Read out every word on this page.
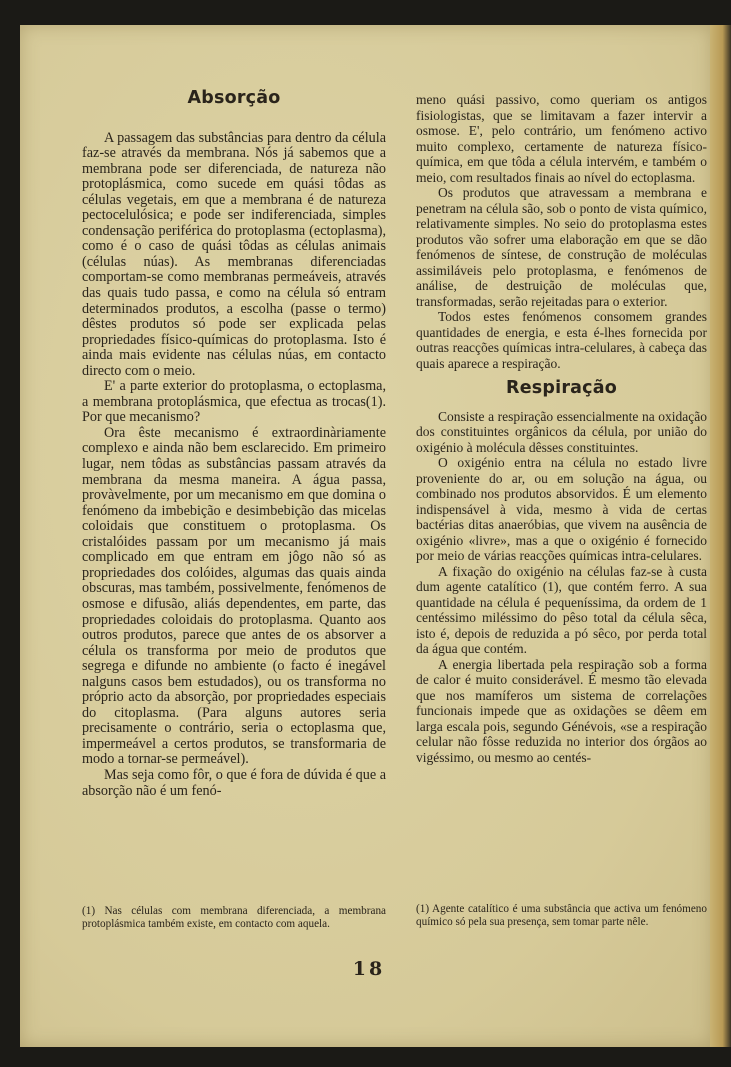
Absorção

A passagem das substâncias para dentro da célula faz-se através da membrana. Nós já sabemos que a membrana pode ser diferenciada, de natureza não protoplásmica, como sucede em quási tôdas as células vegetais, em que a membrana é de natureza pectocelulósica; e pode ser indiferenciada, simples condensação periférica do protoplasma (ectoplasma), como é o caso de quási tôdas as células animais (células núas). As membranas diferenciadas comportam-se como membranas permeáveis, através das quais tudo passa, e como na célula só entram determinados produtos, a escolha (passe o termo) dêstes produtos só pode ser explicada pelas propriedades físico-químicas do protoplasma. Isto é ainda mais evidente nas células núas, em contacto directo com o meio.

E' a parte exterior do protoplasma, o ectoplasma, a membrana protoplásmica, que efectua as trocas(1). Por que mecanismo?

Ora êste mecanismo é extraordinàriamente complexo e ainda não bem esclarecido. Em primeiro lugar, nem tôdas as substâncias passam através da membrana da mesma maneira. A água passa, provàvelmente, por um mecanismo em que domina o fenómeno da imbebição e desimbebição das micelas coloidais que constituem o protoplasma. Os cristalóides passam por um mecanismo já mais complicado em que entram em jôgo não só as propriedades dos colóides, algumas das quais ainda obscuras, mas também, possivelmente, fenómenos de osmose e difusão, aliás dependentes, em parte, das propriedades coloidais do protoplasma. Quanto aos outros produtos, parece que antes de os absorver a célula os transforma por meio de produtos que segrega e difunde no ambiente (o facto é inegável nalguns casos bem estudados), ou os transforma no próprio acto da absorção, por propriedades especiais do citoplasma. (Para alguns autores seria precisamente o contrário, seria o ectoplasma que, impermeável a certos produtos, se transformaria de modo a tornar-se permeável).

Mas seja como fôr, o que é fora de dúvida é que a absorção não é um fenó-

(1) Nas células com membrana diferenciada, a membrana protoplásmica também existe, em contacto com aquela.

meno quási passivo, como queriam os antigos fisiologistas, que se limitavam a fazer intervir a osmose. E', pelo contrário, um fenómeno activo muito complexo, certamente de natureza físico-química, em que tôda a célula intervém, e também o meio, com resultados finais ao nível do ectoplasma.

Os produtos que atravessam a membrana e penetram na célula são, sob o ponto de vista químico, relativamente simples. No seio do protoplasma estes produtos vão sofrer uma elaboração em que se dão fenómenos de síntese, de construção de moléculas assimiláveis pelo protoplasma, e fenómenos de análise, de destruição de moléculas que, transformadas, serão rejeitadas para o exterior.

Todos estes fenómenos consomem grandes quantidades de energia, e esta é-lhes fornecida por outras reacções químicas intra-celulares, à cabeça das quais aparece a respiração.

Respiração

Consiste a respiração essencialmente na oxidação dos constituintes orgânicos da célula, por união do oxigénio à molécula dêsses constituintes.

O oxigénio entra na célula no estado livre proveniente do ar, ou em solução na água, ou combinado nos produtos absorvidos. É um elemento indispensável à vida, mesmo à vida de certas bactérias ditas anaeróbias, que vivem na ausência de oxigénio «livre», mas a que o oxigénio é fornecido por meio de várias reacções químicas intra-celulares.

A fixação do oxigénio na células faz-se à custa dum agente catalítico (1), que contém ferro. A sua quantidade na célula é pequeníssima, da ordem de 1 centéssimo miléssimo do pêso total da célula sêca, isto é, depois de reduzida a pó sêco, por perda total da água que contém.

A energia libertada pela respiração sob a forma de calor é muito considerável. É mesmo tão elevada que nos mamíferos um sistema de correlações funcionais impede que as oxidações se dêem em larga escala pois, segundo Génévois, «se a respiração celular não fôsse reduzida no interior dos órgãos ao vigéssimo, ou mesmo ao centés-

(1) Agente catalítico é uma substância que activa um fenómeno químico só pela sua presença, sem tomar parte nêle.
18
